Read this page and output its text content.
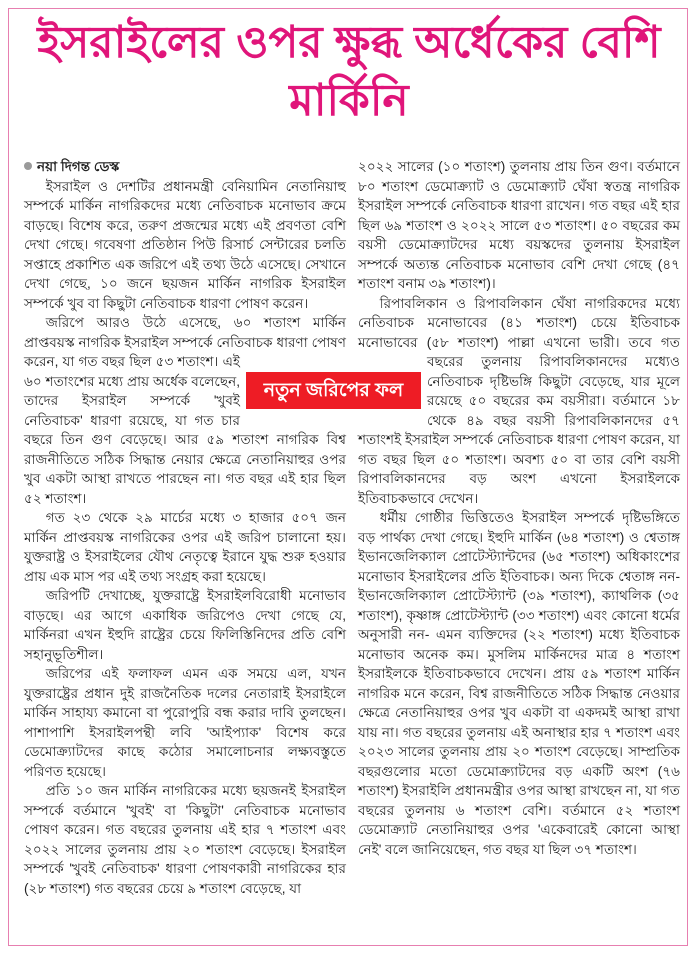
ইসরাইলের ওপর ক্ষুব্ধ অর্ধেকের বেশি মার্কিনি

নয়া দিগন্ত ডেস্ক

ইসরাইল ও দেশটির প্রধানমন্ত্রী বেনিয়ামিন নেতানিয়াহু সম্পর্কে মার্কিন নাগরিকদের মধ্যে নেতিবাচক মনোভাব ক্রমে বাড়ছে। বিশেষ করে, তরুণ প্রজন্মের মধ্যে এই প্রবণতা বেশি দেখা গেছে। গবেষণা প্রতিষ্ঠান পিউ রিসার্চ সেন্টারের চলতি সপ্তাহে প্রকাশিত এক জরিপে এই তথ্য উঠে এসেছে। সেখানে দেখা গেছে, ১০ জনে ছয়জন মার্কিন নাগরিক ইসরাইল সম্পর্কে খুব বা কিছুটা নেতিবাচক ধারণা পোষণ করেন।

জরিপে আরও উঠে এসেছে, ৬০ শতাংশ মার্কিন প্রাপ্তবয়স্ক নাগরিক ইসরাইল সম্পর্কে নেতিবাচক ধারণা পোষণ করেন, যা গত বছর ছিল ৫৩ শতাংশ। এই ৬০ শতাংশের মধ্যে প্রায় অর্ধেক বলেছেন, তাদের ইসরাইল সম্পর্কে 'খুবই নেতিবাচক' ধারণা রয়েছে, যা গত চার বছরে তিন গুণ বেড়েছে। আর ৫৯ শতাংশ নাগরিক বিশ্ব রাজনীতিতে সঠিক সিদ্ধান্ত নেয়ার ক্ষেত্রে নেতানিয়াহুর ওপর খুব একটা আস্থা রাখতে পারছেন না। গত বছর এই হার ছিল ৫২ শতাংশ।

গত ২৩ থেকে ২৯ মার্চের মধ্যে ৩ হাজার ৫০৭ জন মার্কিন প্রাপ্তবয়স্ক নাগরিকের ওপর এই জরিপ চালানো হয়। যুক্তরাষ্ট্র ও ইসরাইলের যৌথ নেতৃত্বে ইরানে যুদ্ধ শুরু হওয়ার প্রায় এক মাস পর এই তথ্য সংগ্রহ করা হয়েছে।

জরিপটি দেখাচ্ছে, যুক্তরাষ্ট্রে ইসরাইলবিরোধী মনোভাব বাড়ছে। এর আগে একাধিক জরিপেও দেখা গেছে যে, মার্কিনরা এখন ইহুদি রাষ্ট্রের চেয়ে ফিলিস্তিনিদের প্রতি বেশি সহানুভূতিশীল।

জরিপের এই ফলাফল এমন এক সময়ে এল, যখন যুক্তরাষ্ট্রের প্রধান দুই রাজনৈতিক দলের নেতারাই ইসরাইলে মার্কিন সাহায্য কমানো বা পুরোপুরি বন্ধ করার দাবি তুলছেন। পাশাপাশি ইসরাইলপন্থী লবি 'আইপ্যাক' বিশেষ করে ডেমোক্র্যাটদের কাছে কঠোর সমালোচনার লক্ষ্যবস্তুতে পরিণত হয়েছে।

প্রতি ১০ জন মার্কিন নাগরিকের মধ্যে ছয়জনই ইসরাইল সম্পর্কে বর্তমানে 'খুবই' বা 'কিছুটা' নেতিবাচক মনোভাব পোষণ করেন। গত বছরের তুলনায় এই হার ৭ শতাংশ এবং ২০২২ সালের তুলনায় প্রায় ২০ শতাংশ বেড়েছে। ইসরাইল সম্পর্কে 'খুবই নেতিবাচক' ধারণা পোষণকারী নাগরিকের হার (২৮ শতাংশ) গত বছরের চেয়ে ৯ শতাংশ বেড়েছে, যা

২০২২ সালের (১০ শতাংশ) তুলনায় প্রায় তিন গুণ। বর্তমানে ৮০ শতাংশ ডেমোক্র্যাট ও ডেমোক্র্যাট ঘেঁষা স্বতন্ত্র নাগরিক ইসরাইল সম্পর্কে নেতিবাচক ধারণা রাখেন। গত বছর এই হার ছিল ৬৯ শতাংশ ও ২০২২ সালে ৫৩ শতাংশ। ৫০ বছরের কম বয়সী ডেমোক্র্যাটদের মধ্যে বয়স্কদের তুলনায় ইসরাইল সম্পর্কে অত্যন্ত নেতিবাচক মনোভাব বেশি দেখা গেছে (৪৭ শতাংশ বনাম ৩৯ শতাংশ)।

রিপাবলিকান ও রিপাবলিকান ঘেঁষা নাগরিকদের মধ্যে নেতিবাচক মনোভাবের (৪১ শতাংশ) চেয়ে ইতিবাচক মনোভাবের (৫৮ শতাংশ) পাল্লা এখনো ভারী। তবে গত বছরের তুলনায় রিপাবলিকানদের মধ্যেও নেতিবাচক দৃষ্টিভঙ্গি কিছুটা বেড়েছে, যার মূলে রয়েছে ৫০ বছরের কম বয়সীরা। বর্তমানে ১৮ থেকে ৪৯ বছর বয়সী রিপাবলিকানদের ৫৭ শতাংশই ইসরাইল সম্পর্কে নেতিবাচক ধারণা পোষণ করেন, যা গত বছর ছিল ৫০ শতাংশ। অবশ্য ৫০ বা তার বেশি বয়সী রিপাবলিকানদের বড় অংশ এখনো ইসরাইলকে ইতিবাচকভাবে দেখেন।

ধর্মীয় গোষ্ঠীর ভিত্তিতেও ইসরাইল সম্পর্কে দৃষ্টিভঙ্গিতে বড় পার্থক্য দেখা গেছে। ইহুদি মার্কিন (৬৪ শতাংশ) ও শ্বেতাঙ্গ ইভানজেলিক্যাল প্রোটেস্ট্যান্টদের (৬৫ শতাংশ) অধিকাংশের মনোভাব ইসরাইলের প্রতি ইতিবাচক। অন্য দিকে শ্বেতাঙ্গ নন-ইভানজেলিক্যাল প্রোটেস্ট্যান্ট (৩৯ শতাংশ), ক্যাথলিক (৩৫ শতাংশ), কৃষ্ণাঙ্গ প্রোটেস্ট্যান্ট (৩৩ শতাংশ) এবং কোনো ধর্মের অনুসারী নন- এমন ব্যক্তিদের (২২ শতাংশ) মধ্যে ইতিবাচক মনোভাব অনেক কম। মুসলিম মার্কিনদের মাত্র ৪ শতাংশ ইসরাইলকে ইতিবাচকভাবে দেখেন। প্রায় ৫৯ শতাংশ মার্কিন নাগরিক মনে করেন, বিশ্ব রাজনীতিতে সঠিক সিদ্ধান্ত নেওয়ার ক্ষেত্রে নেতানিয়াহুর ওপর খুব একটা বা একদমই আস্থা রাখা যায় না। গত বছরের তুলনায় এই অনাস্থার হার ৭ শতাংশ এবং ২০২৩ সালের তুলনায় প্রায় ২০ শতাংশ বেড়েছে। সাম্প্রতিক বছরগুলোর মতো ডেমোক্র্যাটদের বড় একটি অংশ (৭৬ শতাংশ) ইসরাইলি প্রধানমন্ত্রীর ওপর আস্থা রাখছেন না, যা গত বছরের তুলনায় ৬ শতাংশ বেশি। বর্তমানে ৫২ শতাংশ ডেমোক্র্যাট নেতানিয়াহুর ওপর 'একেবারেই কোনো আস্থা নেই' বলে জানিয়েছেন, গত বছর যা ছিল ৩৭ শতাংশ।

নতুন জরিপের ফল
